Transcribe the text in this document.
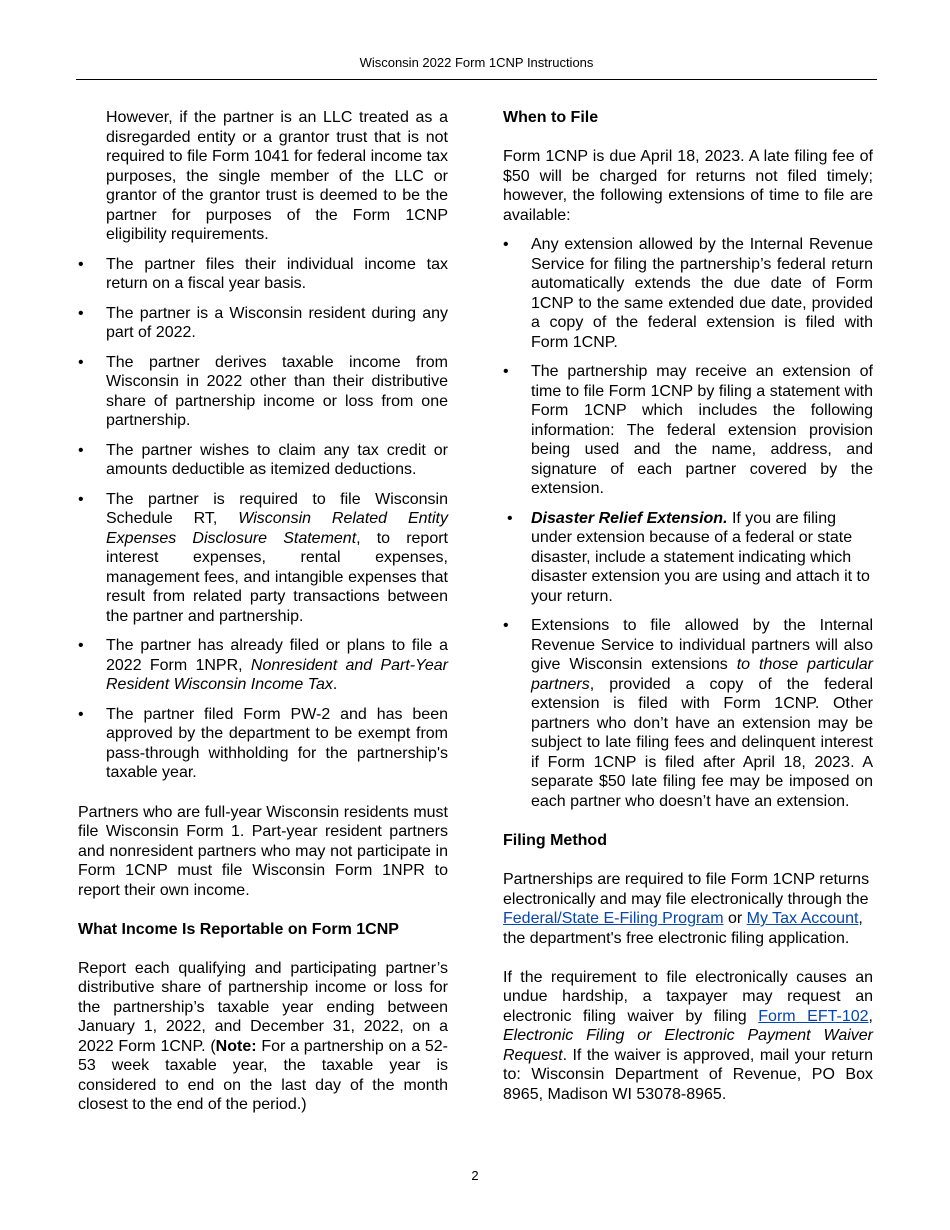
Wisconsin 2022 Form 1CNP Instructions

However, if the partner is an LLC treated as a disregarded entity or a grantor trust that is not required to file Form 1041 for federal income tax purposes, the single member of the LLC or grantor of the grantor trust is deemed to be the partner for purposes of the Form 1CNP eligibility requirements.

• The partner files their individual income tax return on a fiscal year basis.
• The partner is a Wisconsin resident during any part of 2022.
• The partner derives taxable income from Wisconsin in 2022 other than their distributive share of partnership income or loss from one partnership.
• The partner wishes to claim any tax credit or amounts deductible as itemized deductions.
• The partner is required to file Wisconsin Schedule RT, Wisconsin Related Entity Expenses Disclosure Statement, to report interest expenses, rental expenses, management fees, and intangible expenses that result from related party transactions between the partner and partnership.
• The partner has already filed or plans to file a 2022 Form 1NPR, Nonresident and Part-Year Resident Wisconsin Income Tax.
• The partner filed Form PW-2 and has been approved by the department to be exempt from pass-through withholding for the partnership's taxable year.

Partners who are full-year Wisconsin residents must file Wisconsin Form 1. Part-year resident partners and nonresident partners who may not participate in Form 1CNP must file Wisconsin Form 1NPR to report their own income.

What Income Is Reportable on Form 1CNP

Report each qualifying and participating partner’s distributive share of partnership income or loss for the partnership’s taxable year ending between January 1, 2022, and December 31, 2022, on a 2022 Form 1CNP. (Note: For a partnership on a 52-53 week taxable year, the taxable year is considered to end on the last day of the month closest to the end of the period.)

When to File

Form 1CNP is due April 18, 2023. A late filing fee of $50 will be charged for returns not filed timely; however, the following extensions of time to file are available:

• Any extension allowed by the Internal Revenue Service for filing the partnership’s federal return automatically extends the due date of Form 1CNP to the same extended due date, provided a copy of the federal extension is filed with Form 1CNP.
• The partnership may receive an extension of time to file Form 1CNP by filing a statement with Form 1CNP which includes the following information: The federal extension provision being used and the name, address, and signature of each partner covered by the extension.
• Disaster Relief Extension. If you are filing under extension because of a federal or state disaster, include a statement indicating which disaster extension you are using and attach it to your return.
• Extensions to file allowed by the Internal Revenue Service to individual partners will also give Wisconsin extensions to those particular partners, provided a copy of the federal extension is filed with Form 1CNP. Other partners who don’t have an extension may be subject to late filing fees and delinquent interest if Form 1CNP is filed after April 18, 2023. A separate $50 late filing fee may be imposed on each partner who doesn’t have an extension.

Filing Method

Partnerships are required to file Form 1CNP returns electronically and may file electronically through the Federal/State E-Filing Program or My Tax Account, the department's free electronic filing application.

If the requirement to file electronically causes an undue hardship, a taxpayer may request an electronic filing waiver by filing Form EFT-102, Electronic Filing or Electronic Payment Waiver Request. If the waiver is approved, mail your return to: Wisconsin Department of Revenue, PO Box 8965, Madison WI 53078-8965.

2
